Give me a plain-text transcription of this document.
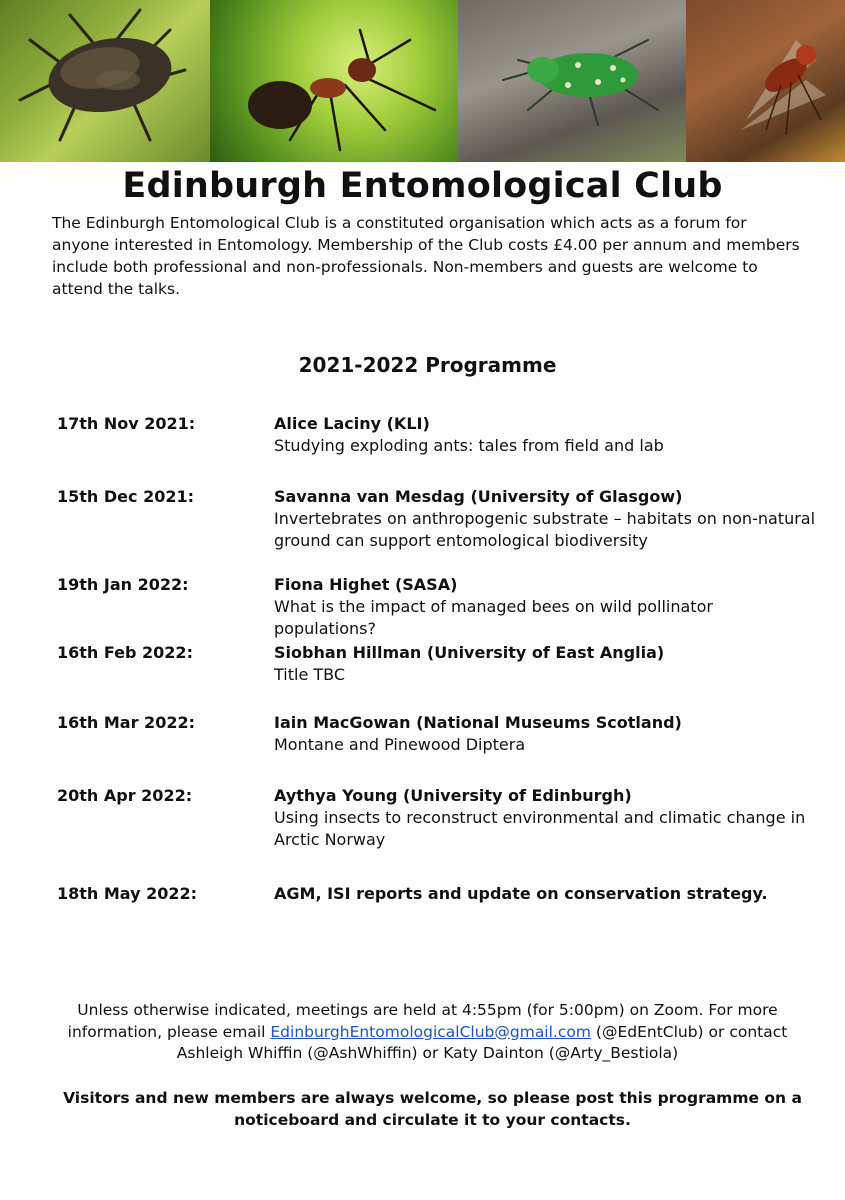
Edinburgh Entomological Club
The Edinburgh Entomological Club is a constituted organisation which acts as a forum for anyone interested in Entomology. Membership of the Club costs £4.00 per annum and members include both professional and non-professionals. Non-members and guests are welcome to attend the talks.
2021-2022 Programme
17th Nov 2021:	Alice Laciny (KLI)
Studying exploding ants: tales from field and lab
15th Dec 2021:	Savanna van Mesdag (University of Glasgow)
Invertebrates on anthropogenic substrate – habitats on non-natural ground can support entomological biodiversity
19th Jan 2022:	Fiona Highet (SASA)
What is the impact of managed bees on wild pollinator populations?
16th Feb 2022:	Siobhan Hillman (University of East Anglia)
Title TBC
16th Mar 2022:	Iain MacGowan (National Museums Scotland)
Montane and Pinewood Diptera
20th Apr 2022:	Aythya Young (University of Edinburgh)
Using insects to reconstruct environmental and climatic change in Arctic Norway
18th May 2022:	AGM, ISI reports and update on conservation strategy.
Unless otherwise indicated, meetings are held at 4:55pm (for 5:00pm) on Zoom. For more information, please email EdinburghEntomologicalClub@gmail.com (@EdEntClub) or contact Ashleigh Whiffin (@AshWhiffin) or Katy Dainton (@Arty_Bestiola)
Visitors and new members are always welcome, so please post this programme on a noticeboard and circulate it to your contacts.
